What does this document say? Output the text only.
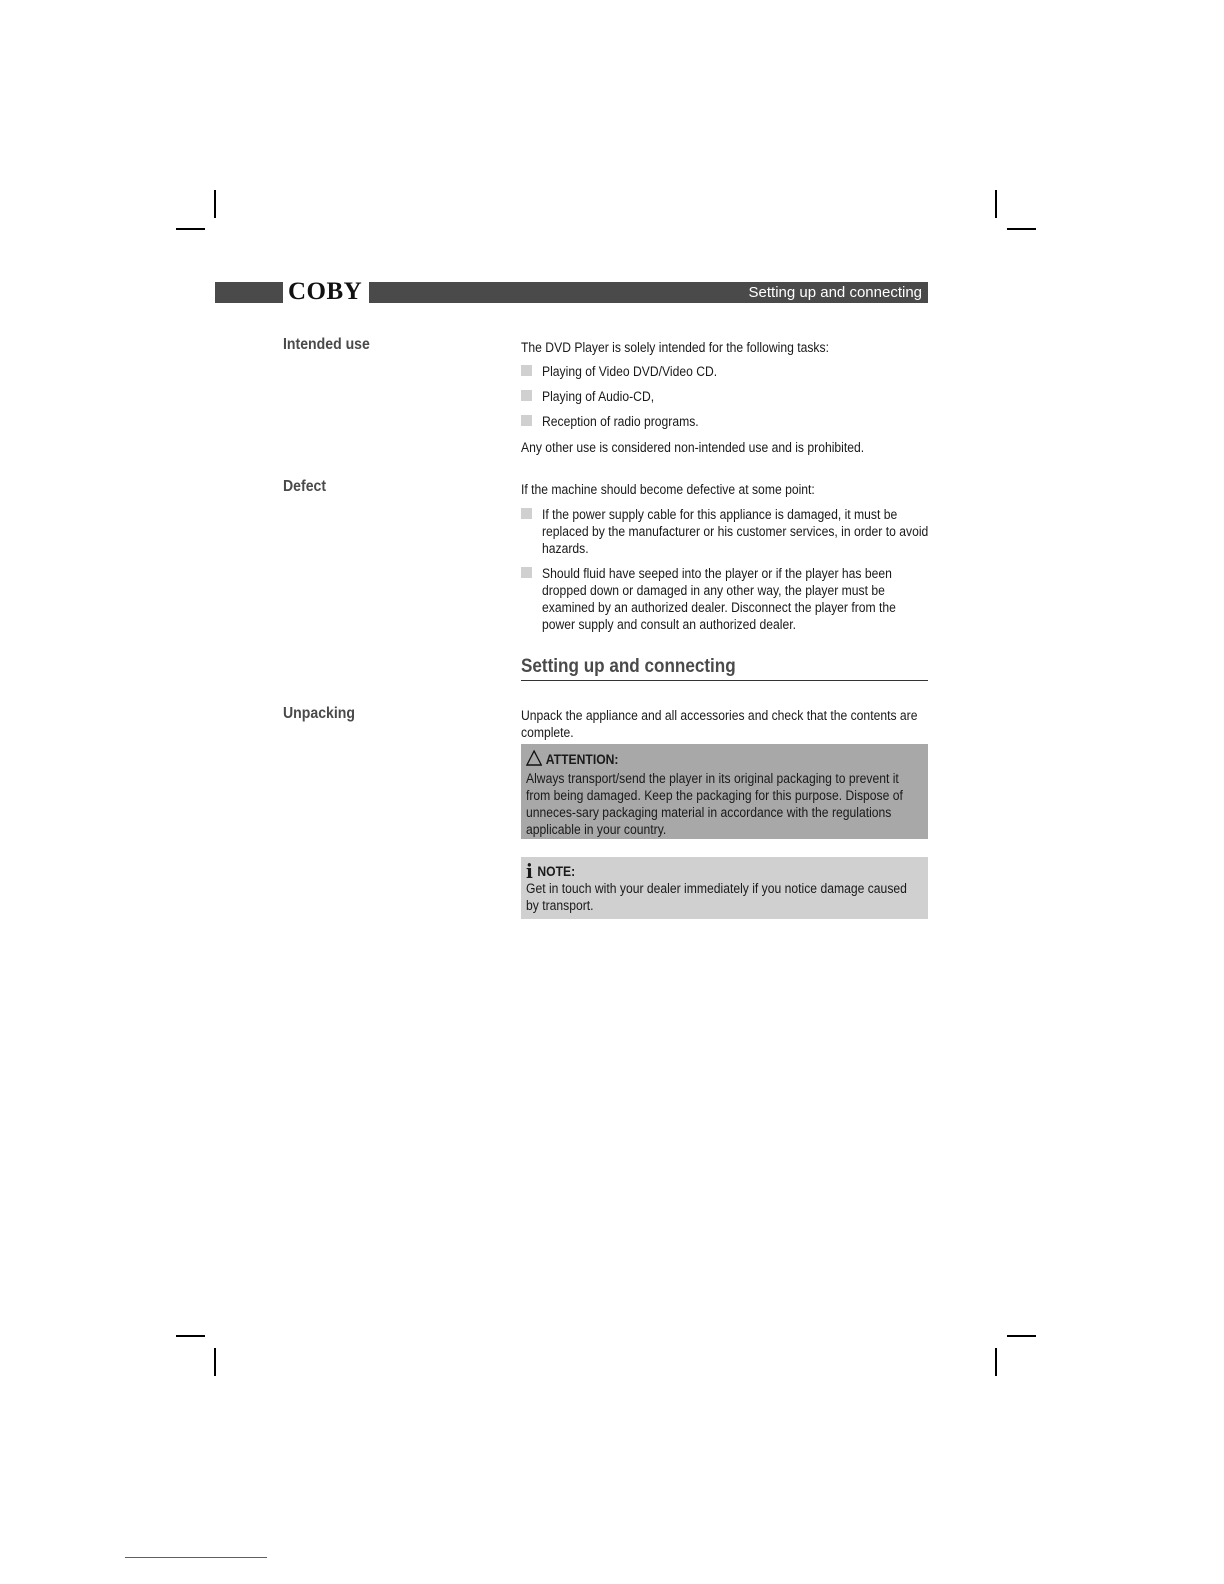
COBY	Setting up and connecting
Intended use	The DVD Player is solely intended for the following tasks:
Playing of Video DVD/Video CD.
Playing of Audio-CD,
Reception of radio programs.
Any other use is considered non-intended use and is prohibited.
Defect	If the machine should become defective at some point:
If the power supply cable for this appliance is damaged, it must be replaced by the manufacturer or his customer services, in order to avoid hazards.
Should fluid have seeped into the player or if the player has been dropped down or damaged in any other way, the player must be examined by an authorized dealer. Disconnect the player from the power supply and consult an authorized dealer.
Setting up and connecting
Unpacking	Unpack the appliance and all accessories and check that the contents are complete.
ATTENTION:
Always transport/send the player in its original packaging to prevent it from being damaged. Keep the packaging for this purpose. Dispose of unneces-sary packaging material in accordance with the regulations applicable in your country.
i NOTE:
Get in touch with your dealer immediately if you notice damage caused by transport.
